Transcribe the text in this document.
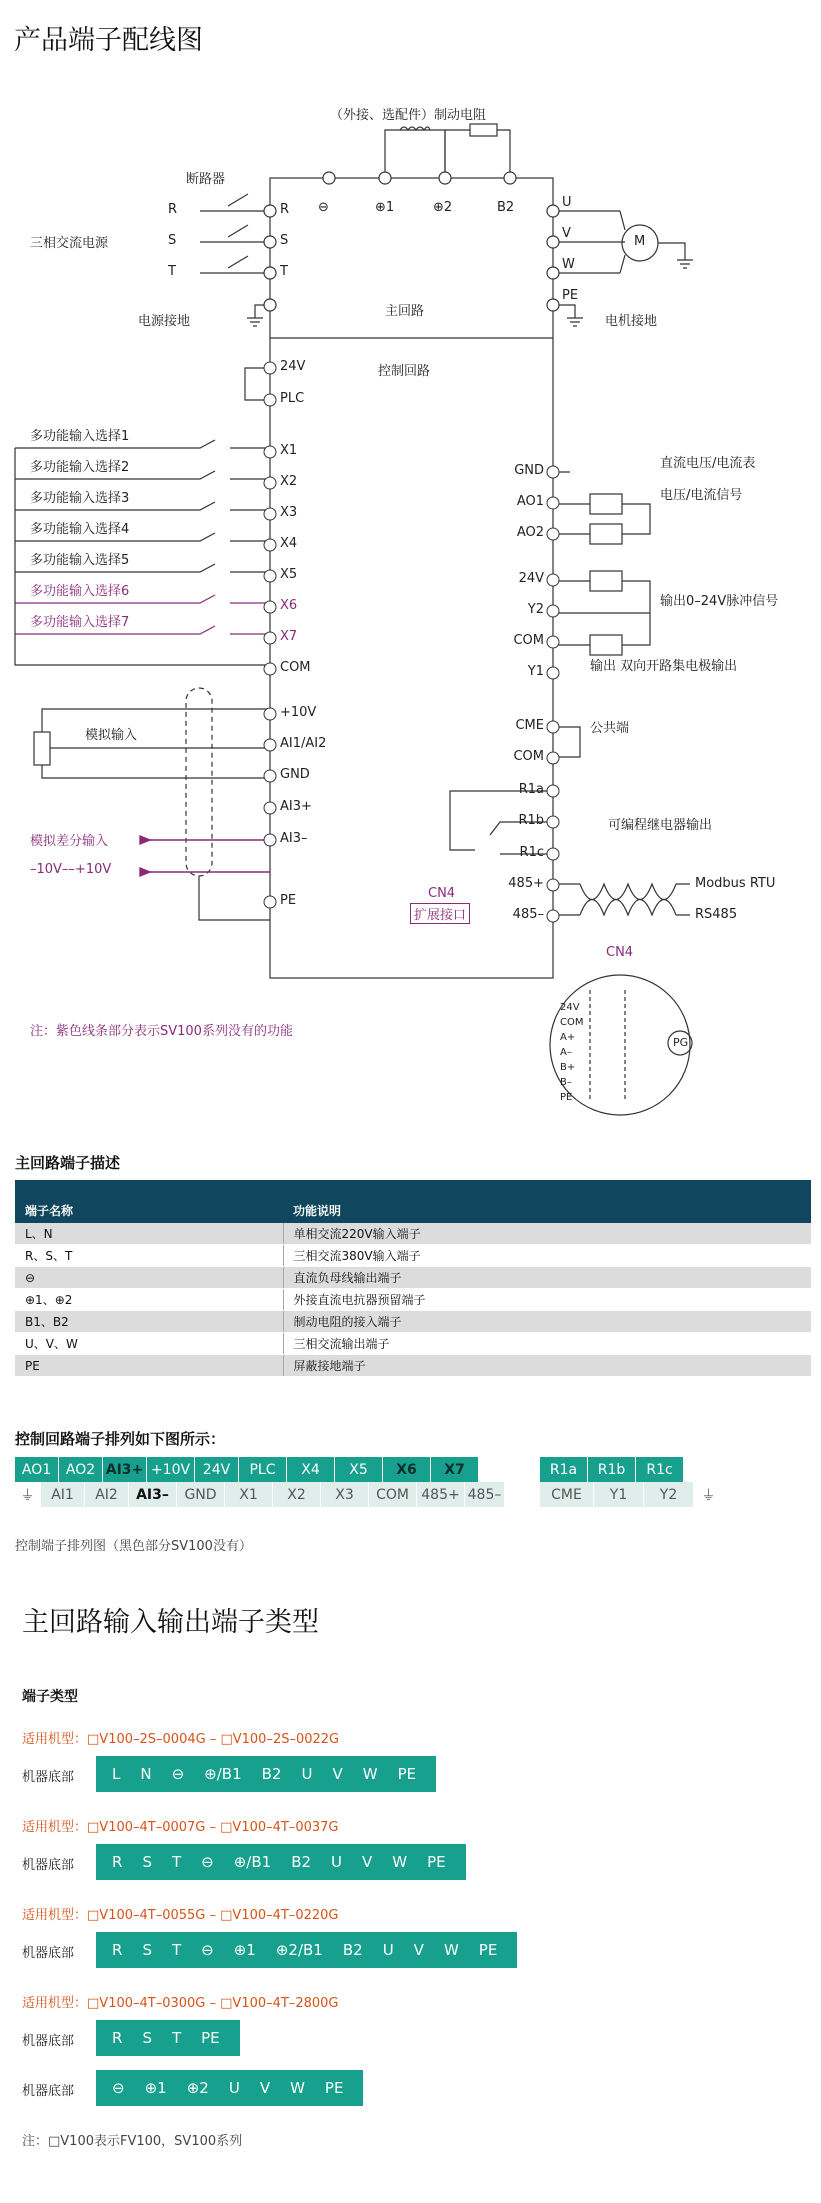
产品端子配线图
（外接、选配件）制动电阻
断路器
三相交流电源
R
S
T
R
S
T
⊖	⊕1	⊕2	B2	U
V
W
PE
M
电源接地	电机接地
主回路
控制回路
24V
PLC
X1
X2
X3
X4
X5
X6
X7
COM
+10V
AI1/AI2
GND
AI3+
AI3–
PE
多功能输入选择1
多功能输入选择2
多功能输入选择3
多功能输入选择4
多功能输入选择5
多功能输入选择6
多功能输入选择7
模拟输入
模拟差分输入
–10V––+10V
GND
AO1
AO2
24V
Y2
COM
Y1
CME
COM
R1a
R1b
R1c
485+
485–
直流电压/电流表
电压/电流信号
输出0–24V脉冲信号
输出 双向开路集电极输出
公共端
可编程继电器输出
Modbus RTU
RS485
CN4
扩展接口
CN4
24V
COM
A+
A–
B+
B–
PE
PG
注：紫色线条部分表示SV100系列没有的功能
主回路端子描述
端子名称	功能说明
L、N	单相交流220V输入端子
R、S、T	三相交流380V输入端子
⊖	直流负母线输出端子
⊕1、⊕2	外接直流电抗器预留端子
B1、B2	制动电阻的接入端子
U、V、W	三相交流输出端子
PE	屏蔽接地端子
控制回路端子排列如下图所示：
AO1	AO2 AI3+ +10V 24V	PLC	X4	X5	X6	X7
⏚	AI1	AI2	AI3–	GND	X1	X2	X3	COM 485+ 485–
R1a	R1b	R1c
CME	Y1	Y2	⏚
控制端子排列图（黑色部分SV100没有）
主回路输入输出端子类型
端子类型
适用机型：□V100–2S–0004G – □V100–2S–0022G
机器底部	L N ⊖ ⊕/B1 B2 U V W PE
适用机型：□V100–4T–0007G – □V100–4T–0037G
机器底部	R S T ⊖ ⊕/B1 B2 U V W PE
适用机型：□V100–4T–0055G – □V100–4T–0220G
机器底部	R S T ⊖ ⊕1 ⊕2/B1 B2 U V W PE
适用机型：□V100–4T–0300G – □V100–4T–2800G
机器底部	R S T PE
机器底部	⊖ ⊕1 ⊕2 U V W PE
注：□V100表示FV100，SV100系列
